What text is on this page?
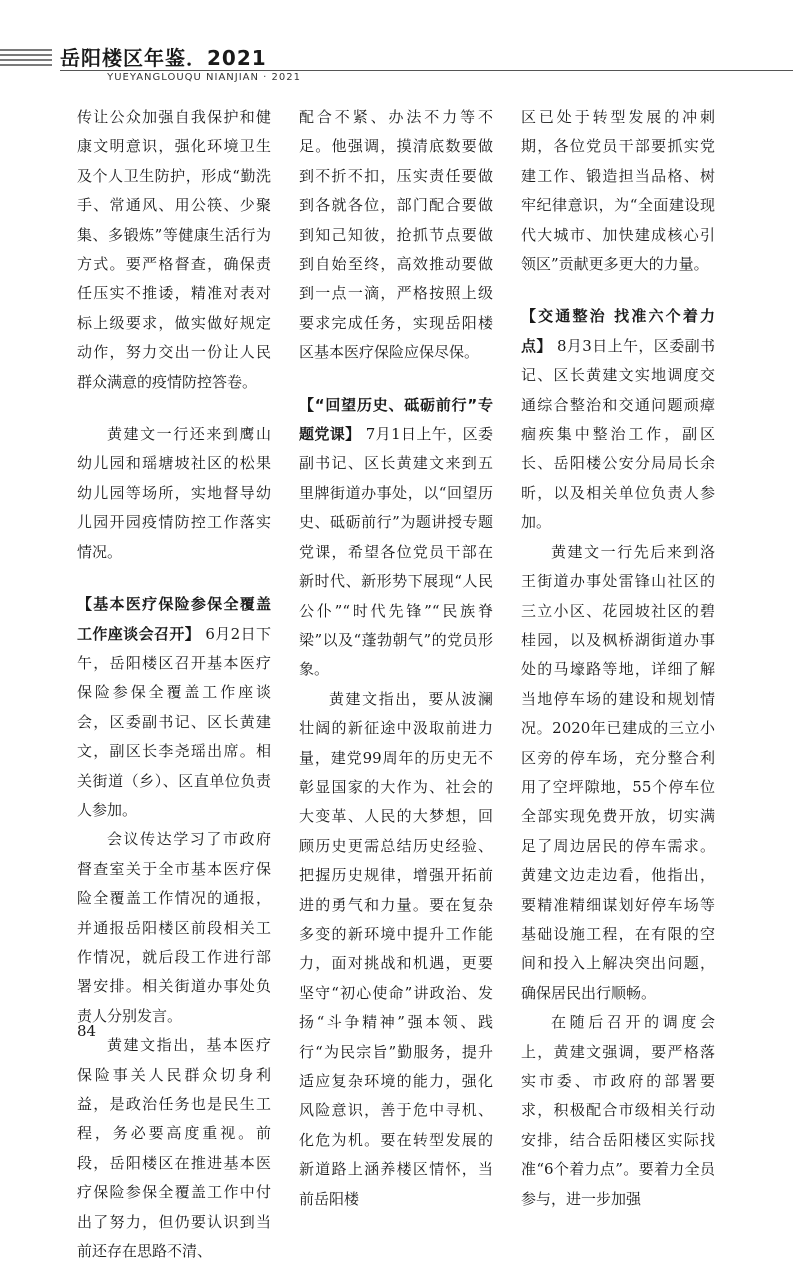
岳阳楼区年鉴．2021
YUEYANGLOUQU NIANJIAN · 2021

传让公众加强自我保护和健康文明意识，强化环境卫生及个人卫生防护，形成“勤洗手、常通风、用公筷、少聚集、多锻炼”等健康生活行为方式。要严格督查，确保责任压实不推诿，精准对表对标上级要求，做实做好规定动作，努力交出一份让人民群众满意的疫情防控答卷。

黄建文一行还来到鹰山幼儿园和瑶塘坡社区的松果幼儿园等场所，实地督导幼儿园开园疫情防控工作落实情况。

【基本医疗保险参保全覆盖工作座谈会召开】 6月2日下午，岳阳楼区召开基本医疗保险参保全覆盖工作座谈会，区委副书记、区长黄建文，副区长李尧瑶出席。相关街道（乡）、区直单位负责人参加。

会议传达学习了市政府督查室关于全市基本医疗保险全覆盖工作情况的通报，并通报岳阳楼区前段相关工作情况，就后段工作进行部署安排。相关街道办事处负责人分别发言。

黄建文指出，基本医疗保险事关人民群众切身利益，是政治任务也是民生工程，务必要高度重视。前段，岳阳楼区在推进基本医疗保险参保全覆盖工作中付出了努力，但仍要认识到当前还存在思路不清、

配合不紧、办法不力等不足。他强调，摸清底数要做到不折不扣，压实责任要做到各就各位，部门配合要做到知己知彼，抢抓节点要做到自始至终，高效推动要做到一点一滴，严格按照上级要求完成任务，实现岳阳楼区基本医疗保险应保尽保。

【“回望历史、砥砺前行”专题党课】 7月1日上午，区委副书记、区长黄建文来到五里牌街道办事处，以“回望历史、砥砺前行”为题讲授专题党课，希望各位党员干部在新时代、新形势下展现“人民公仆”“时代先锋”“民族脊梁”以及“蓬勃朝气”的党员形象。

黄建文指出，要从波澜壮阔的新征途中汲取前进力量，建党99周年的历史无不彰显国家的大作为、社会的大变革、人民的大梦想，回顾历史更需总结历史经验、把握历史规律，增强开拓前进的勇气和力量。要在复杂多变的新环境中提升工作能力，面对挑战和机遇，更要坚守“初心使命”讲政治、发扬“斗争精神”强本领、践行“为民宗旨”勤服务，提升适应复杂环境的能力，强化风险意识，善于危中寻机、化危为机。要在转型发展的新道路上涵养楼区情怀，当前岳阳楼

区已处于转型发展的冲刺期，各位党员干部要抓实党建工作、锻造担当品格、树牢纪律意识，为“全面建设现代大城市、加快建成核心引领区”贡献更多更大的力量。

【交通整治 找准六个着力点】 8月3日上午，区委副书记、区长黄建文实地调度交通综合整治和交通问题顽瘴痼疾集中整治工作，副区长、岳阳楼公安分局局长余昕，以及相关单位负责人参加。

黄建文一行先后来到洛王街道办事处雷锋山社区的三立小区、花园坡社区的碧桂园，以及枫桥湖街道办事处的马壕路等地，详细了解当地停车场的建设和规划情况。2020年已建成的三立小区旁的停车场，充分整合利用了空坪隙地，55个停车位全部实现免费开放，切实满足了周边居民的停车需求。黄建文边走边看，他指出，要精准精细谋划好停车场等基础设施工程，在有限的空间和投入上解决突出问题，确保居民出行顺畅。

在随后召开的调度会上，黄建文强调，要严格落实市委、市政府的部署要求，积极配合市级相关行动安排，结合岳阳楼区实际找准“6个着力点”。要着力全员参与，进一步加强

84
